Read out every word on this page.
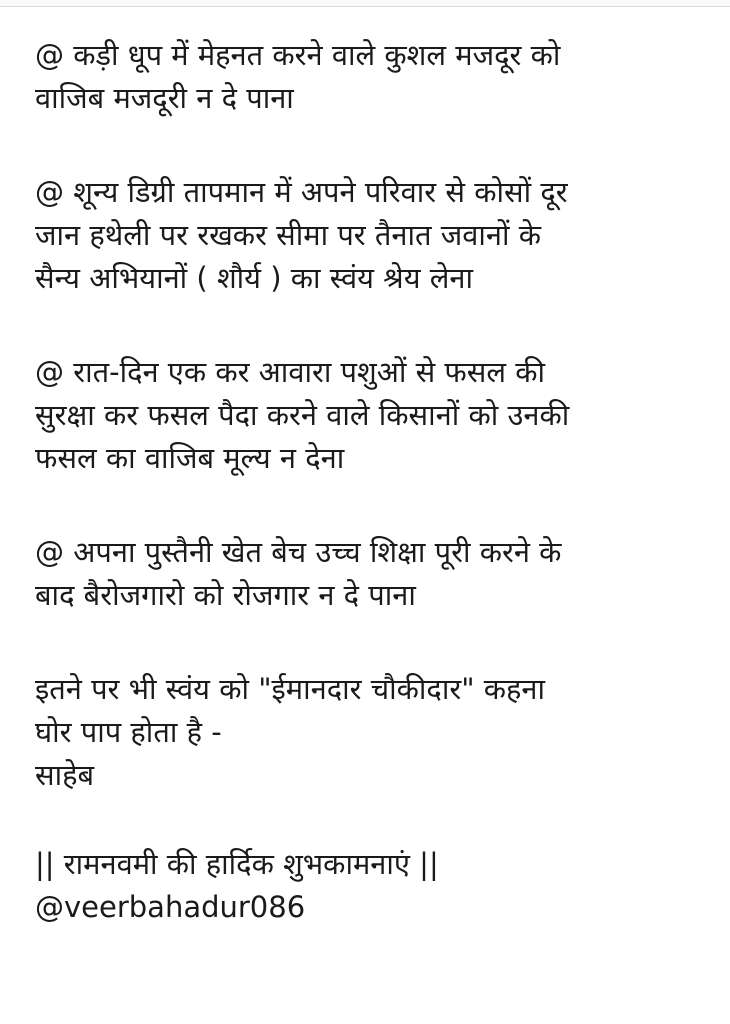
@ कड़ी धूप में मेहनत करने वाले कुशल मजदूर को
वाजिब मजदूरी न दे पाना
@ शून्य डिग्री तापमान में अपने परिवार से कोसों दूर
जान हथेली पर रखकर सीमा पर तैनात जवानों के
सैन्य अभियानों ( शौर्य ) का स्वंय श्रेय लेना
@ रात-दिन एक कर आवारा पशुओं से फसल की
सुरक्षा कर फसल पैदा करने वाले किसानों को उनकी
फसल का वाजिब मूल्य न देना
@ अपना पुस्तैनी खेत बेच उच्च शिक्षा पूरी करने के
बाद बैरोजगारो को रोजगार न दे पाना
इतने पर भी स्वंय को "ईमानदार चौकीदार" कहना
घोर पाप होता है -
साहेब
|| रामनवमी की हार्दिक शुभकामनाएं ||
@veerbahadur086
